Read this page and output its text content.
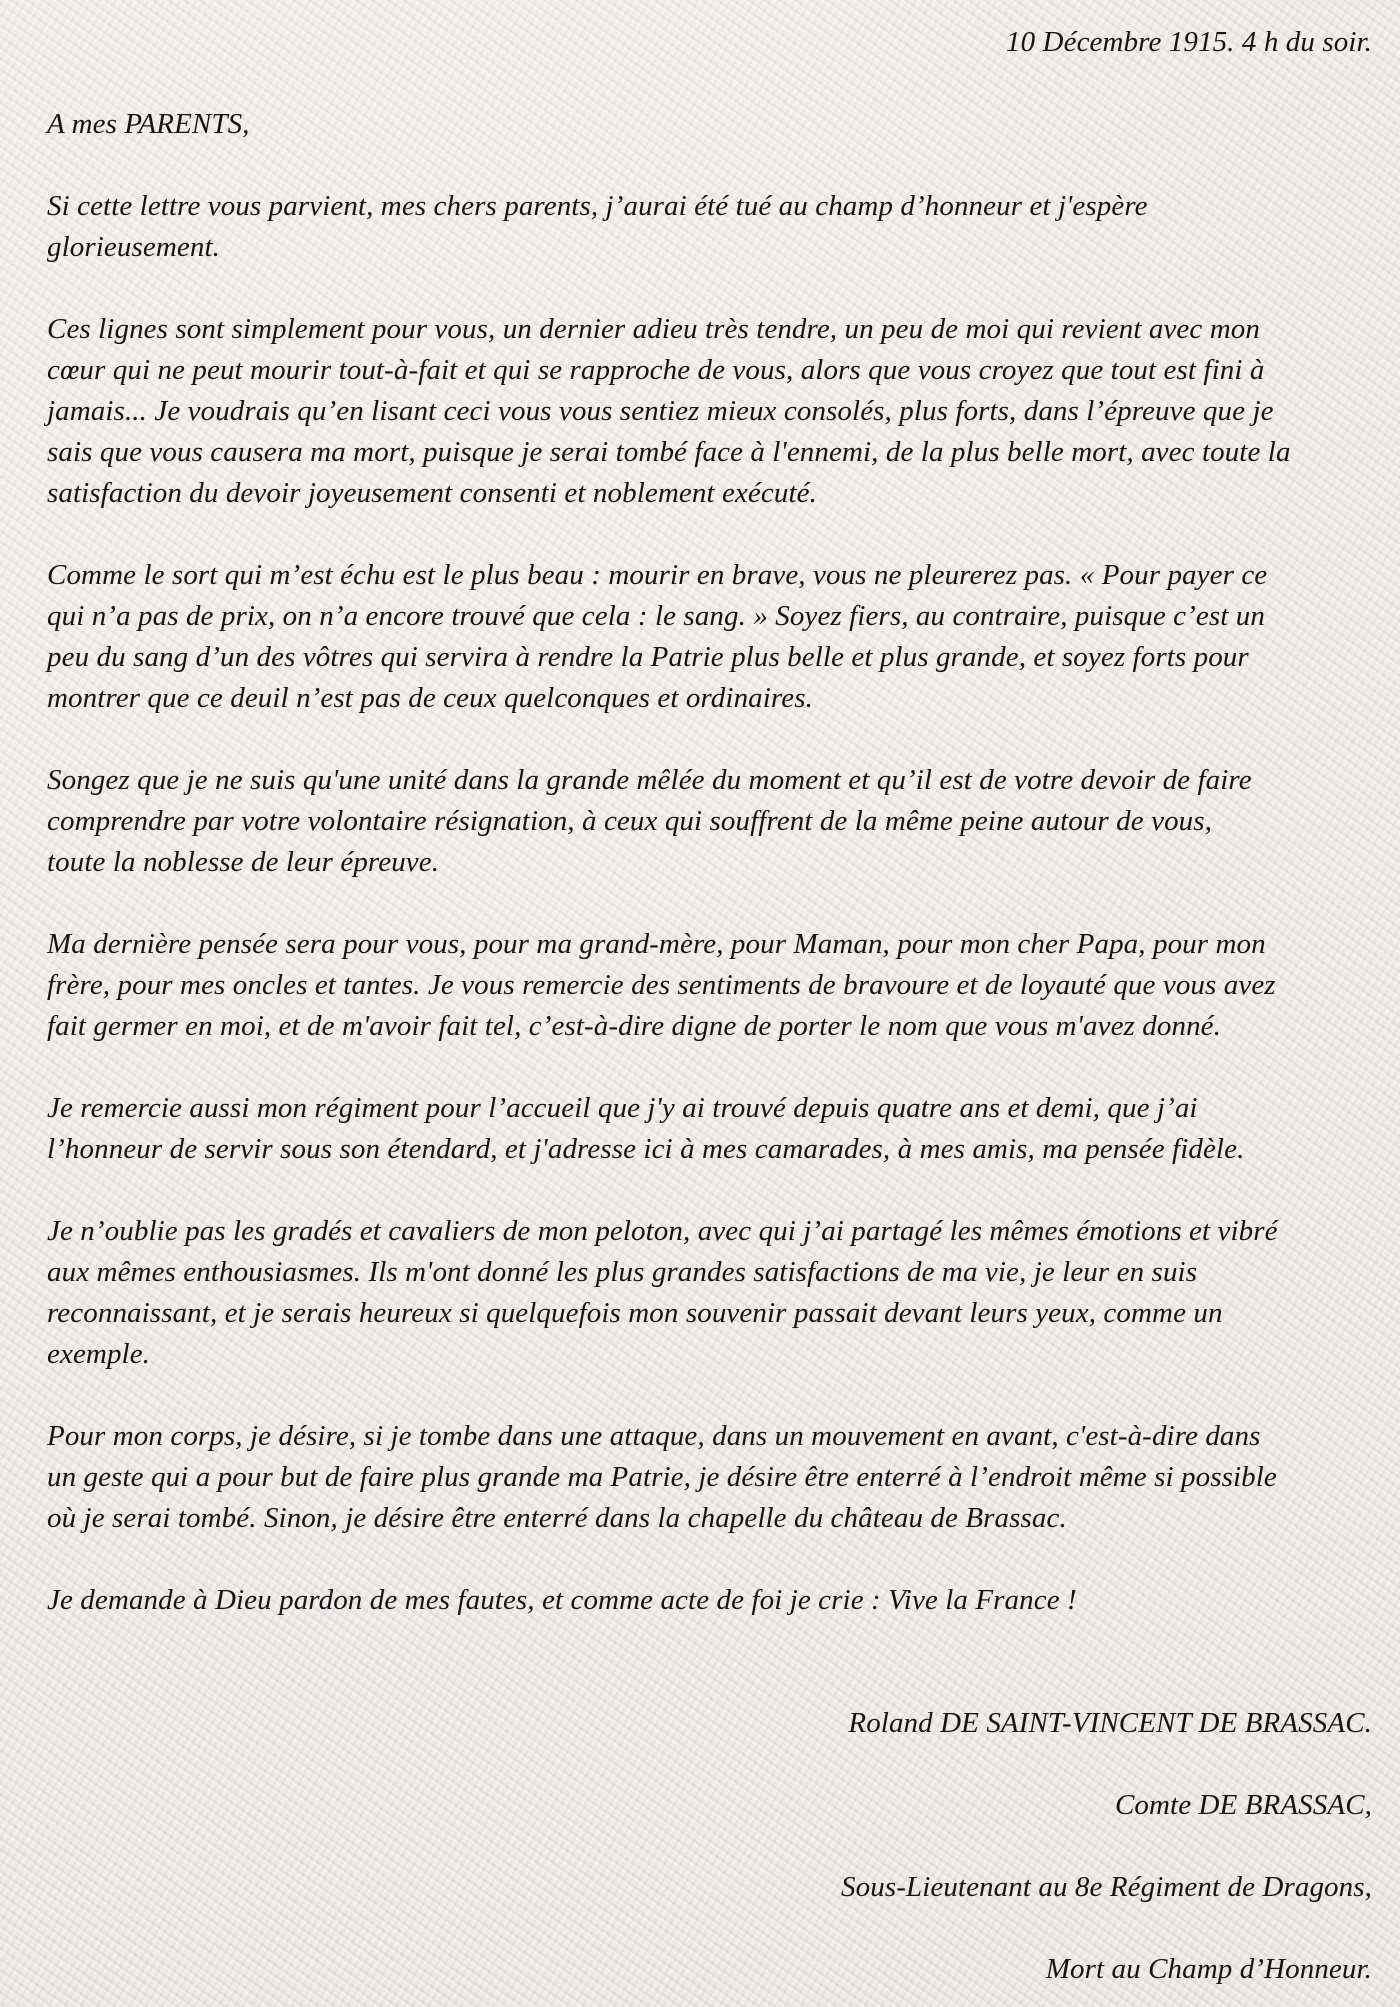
10 Décembre 1915. 4 h du soir.
A mes PARENTS,
Si cette lettre vous parvient, mes chers parents, j’aurai été tué au champ d’honneur et j'espère
glorieusement.
Ces lignes sont simplement pour vous, un dernier adieu très tendre, un peu de moi qui revient avec mon
cœur qui ne peut mourir tout-à-fait et qui se rapproche de vous, alors que vous croyez que tout est fini à
jamais... Je voudrais qu’en lisant ceci vous vous sentiez mieux consolés, plus forts, dans l’épreuve que je
sais que vous causera ma mort, puisque je serai tombé face à l'ennemi, de la plus belle mort, avec toute la
satisfaction du devoir joyeusement consenti et noblement exécuté.
Comme le sort qui m’est échu est le plus beau : mourir en brave, vous ne pleurerez pas. « Pour payer ce
qui n’a pas de prix, on n’a encore trouvé que cela : le sang. » Soyez fiers, au contraire, puisque c’est un
peu du sang d’un des vôtres qui servira à rendre la Patrie plus belle et plus grande, et soyez forts pour
montrer que ce deuil n’est pas de ceux quelconques et ordinaires.
Songez que je ne suis qu'une unité dans la grande mêlée du moment et qu’il est de votre devoir de faire
comprendre par votre volontaire résignation, à ceux qui souffrent de la même peine autour de vous,
toute la noblesse de leur épreuve.
Ma dernière pensée sera pour vous, pour ma grand-mère, pour Maman, pour mon cher Papa, pour mon
frère, pour mes oncles et tantes. Je vous remercie des sentiments de bravoure et de loyauté que vous avez
fait germer en moi, et de m'avoir fait tel, c’est-à-dire digne de porter le nom que vous m'avez donné.
Je remercie aussi mon régiment pour l’accueil que j'y ai trouvé depuis quatre ans et demi, que j’ai
l’honneur de servir sous son étendard, et j'adresse ici à mes camarades, à mes amis, ma pensée fidèle.
Je n’oublie pas les gradés et cavaliers de mon peloton, avec qui j’ai partagé les mêmes émotions et vibré
aux mêmes enthousiasmes. Ils m'ont donné les plus grandes satisfactions de ma vie, je leur en suis
reconnaissant, et je serais heureux si quelquefois mon souvenir passait devant leurs yeux, comme un
exemple.
Pour mon corps, je désire, si je tombe dans une attaque, dans un mouvement en avant, c'est-à-dire dans
un geste qui a pour but de faire plus grande ma Patrie, je désire être enterré à l’endroit même si possible
où je serai tombé. Sinon, je désire être enterré dans la chapelle du château de Brassac.
Je demande à Dieu pardon de mes fautes, et comme acte de foi je crie : Vive la France !
Roland DE SAINT-VINCENT DE BRASSAC.
Comte DE BRASSAC,
Sous-Lieutenant au 8e Régiment de Dragons,
Mort au Champ d’Honneur.
